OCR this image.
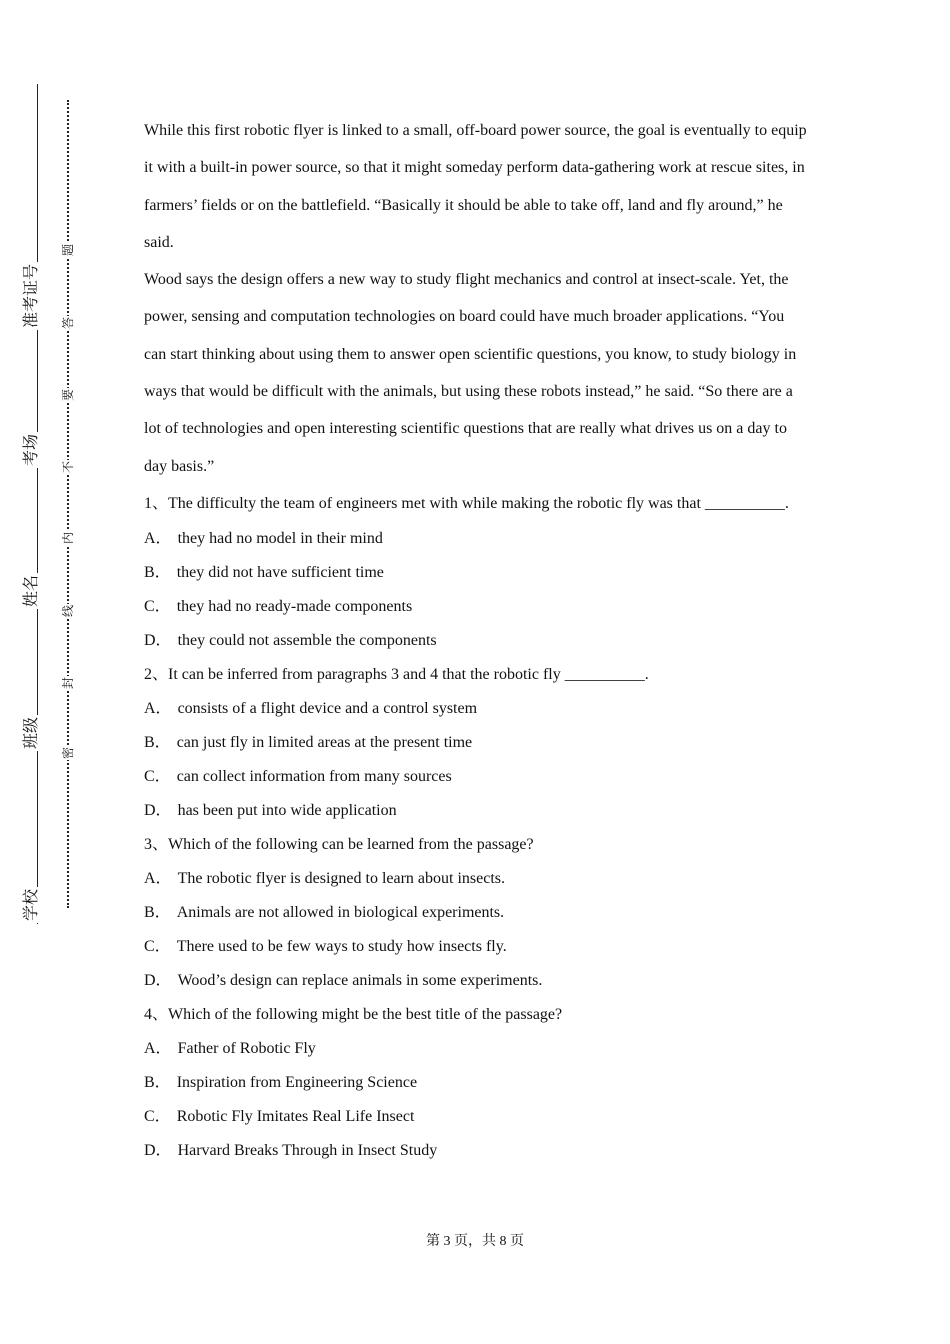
学校
班级
姓名
考场
准考证号
密
封
线
内
不
要
答
题

While this first robotic flyer is linked to a small, off-board power source, the goal is eventually to equip it with a built-in power source, so that it might someday perform data-gathering work at rescue sites, in farmers’ fields or on the battlefield. “Basically it should be able to take off, land and fly around,” he said.

Wood says the design offers a new way to study flight mechanics and control at insect-scale. Yet, the power, sensing and computation technologies on board could have much broader applications. “You can start thinking about using them to answer open scientific questions, you know, to study biology in ways that would be difficult with the animals, but using these robots instead,” he said. “So there are a lot of technologies and open interesting scientific questions that are really what drives us on a day to day basis.”

1、The difficulty the team of engineers met with while making the robotic fly was that __________.

A． they had no model in their mind

B． they did not have sufficient time

C． they had no ready-made components

D． they could not assemble the components

2、It can be inferred from paragraphs 3 and 4 that the robotic fly __________.

A． consists of a flight device and a control system

B． can just fly in limited areas at the present time

C． can collect information from many sources

D． has been put into wide application

3、Which of the following can be learned from the passage?

A． The robotic flyer is designed to learn about insects.

B． Animals are not allowed in biological experiments.

C． There used to be few ways to study how insects fly.

D． Wood’s design can replace animals in some experiments.

4、Which of the following might be the best title of the passage?

A． Father of Robotic Fly

B． Inspiration from Engineering Science

C． Robotic Fly Imitates Real Life Insect

D． Harvard Breaks Through in Insect Study

第 3 页，共 8 页
